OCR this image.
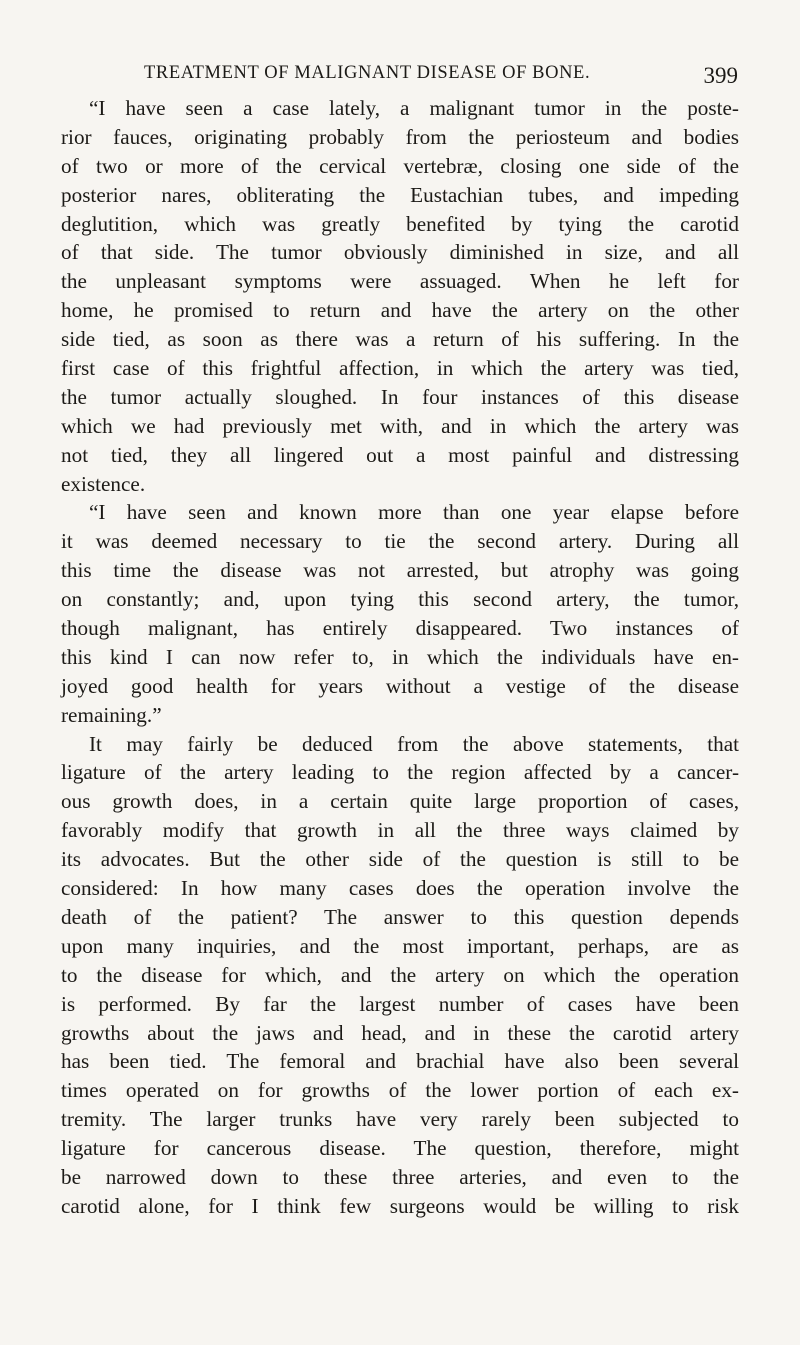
TREATMENT OF MALIGNANT DISEASE OF BONE.	399
“I have seen a case lately, a malignant tumor in the poste-
rior fauces, originating probably from the periosteum and bodies
of two or more of the cervical vertebræ, closing one side of the
posterior nares, obliterating the Eustachian tubes, and impeding
deglutition, which was greatly benefited by tying the carotid
of that side. The tumor obviously diminished in size, and all
the unpleasant symptoms were assuaged. When he left for
home, he promised to return and have the artery on the other
side tied, as soon as there was a return of his suffering. In the
first case of this frightful affection, in which the artery was tied,
the tumor actually sloughed. In four instances of this disease
which we had previously met with, and in which the artery was
not tied, they all lingered out a most painful and distressing
existence.
“I have seen and known more than one year elapse before
it was deemed necessary to tie the second artery. During all
this time the disease was not arrested, but atrophy was going
on constantly; and, upon tying this second artery, the tumor,
though malignant, has entirely disappeared. Two instances of
this kind I can now refer to, in which the individuals have en-
joyed good health for years without a vestige of the disease
remaining.”
It may fairly be deduced from the above statements, that
ligature of the artery leading to the region affected by a cancer-
ous growth does, in a certain quite large proportion of cases,
favorably modify that growth in all the three ways claimed by
its advocates. But the other side of the question is still to be
considered: In how many cases does the operation involve the
death of the patient? The answer to this question depends
upon many inquiries, and the most important, perhaps, are as
to the disease for which, and the artery on which the operation
is performed. By far the largest number of cases have been
growths about the jaws and head, and in these the carotid artery
has been tied. The femoral and brachial have also been several
times operated on for growths of the lower portion of each ex-
tremity. The larger trunks have very rarely been subjected to
ligature for cancerous disease. The question, therefore, might
be narrowed down to these three arteries, and even to the
carotid alone, for I think few surgeons would be willing to risk
